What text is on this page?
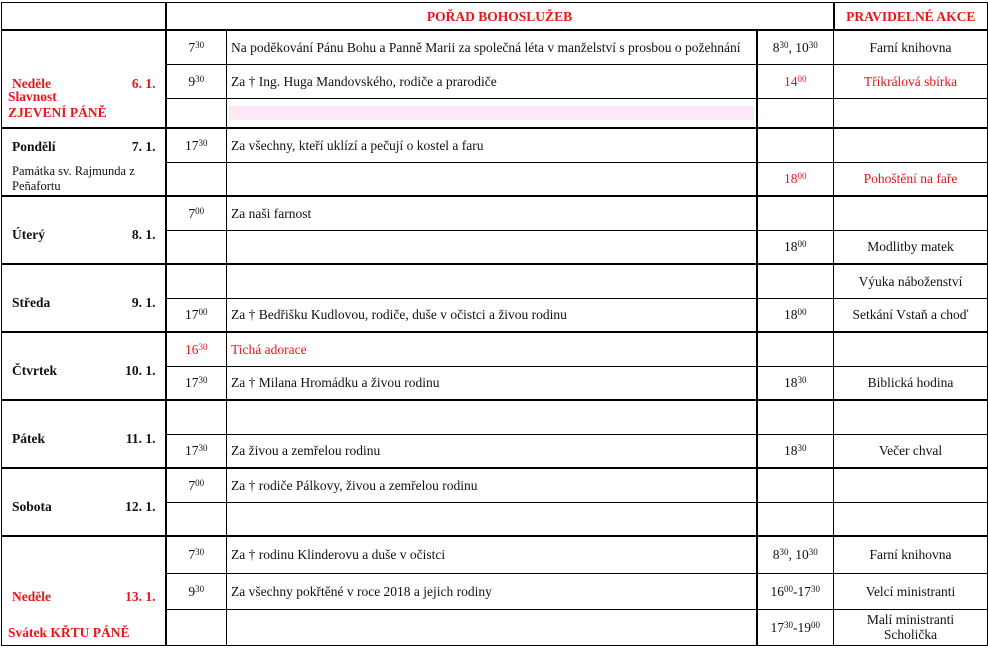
	POŘAD BOHOSLUŽEB			PRAVIDELNÉ AKCE

Neděle 6. 1.
Slavnost
ZJEVENÍ PÁNĚ	$7^{30}$	Na poděkování Pánu Bohu a Panně Marii za společná léta v manželství s prosbou o požehnání	$8^{30}$, $10^{30}$	Farní knihovna
	$9^{30}$	Za † Ing. Huga Mandovského, rodiče a prarodiče	$14^{00}$	Tříkrálová sbírka

Pondělí 7. 1.
Památka sv. Rajmunda z Peñafortu	$17^{30}$	Za všechny, kteří uklízí a pečují o kostel a faru		
			$18^{00}$	Pohoštění na faře

Úterý 8. 1.	$7^{00}$	Za naši farnost		
			$18^{00}$	Modlitby matek

Středa 9. 1.				Výuka náboženství
	$17^{00}$	Za † Bedřišku Kudlovou, rodiče, duše v očistci a živou rodinu	$18^{00}$	Setkání Vstaň a choď

Čtvrtek 10. 1.	$16^{30}$	Tichá adorace		
	$17^{30}$	Za † Milana Hromádku a živou rodinu	$18^{30}$	Biblická hodina

Pátek 11. 1.				

	$17^{30}$	Za živou a zemřelou rodinu	$18^{30}$	Večer chval

Sobota 12. 1.	$7^{00}$	Za † rodiče Pálkovy, živou a zemřelou rodinu		

Neděle 13. 1.
Svátek KŘTU PÁNĚ	$7^{30}$	Za † rodinu Klinderovu a duše v očistci	$8^{30}$, $10^{30}$	Farní knihovna
	$9^{30}$	Za všechny pokřtěné v roce 2018 a jejich rodiny	$16^{00}-17^{30}$	Velcí ministranti
			$17^{30}-19^{00}$	Malí ministranti
Scholička
